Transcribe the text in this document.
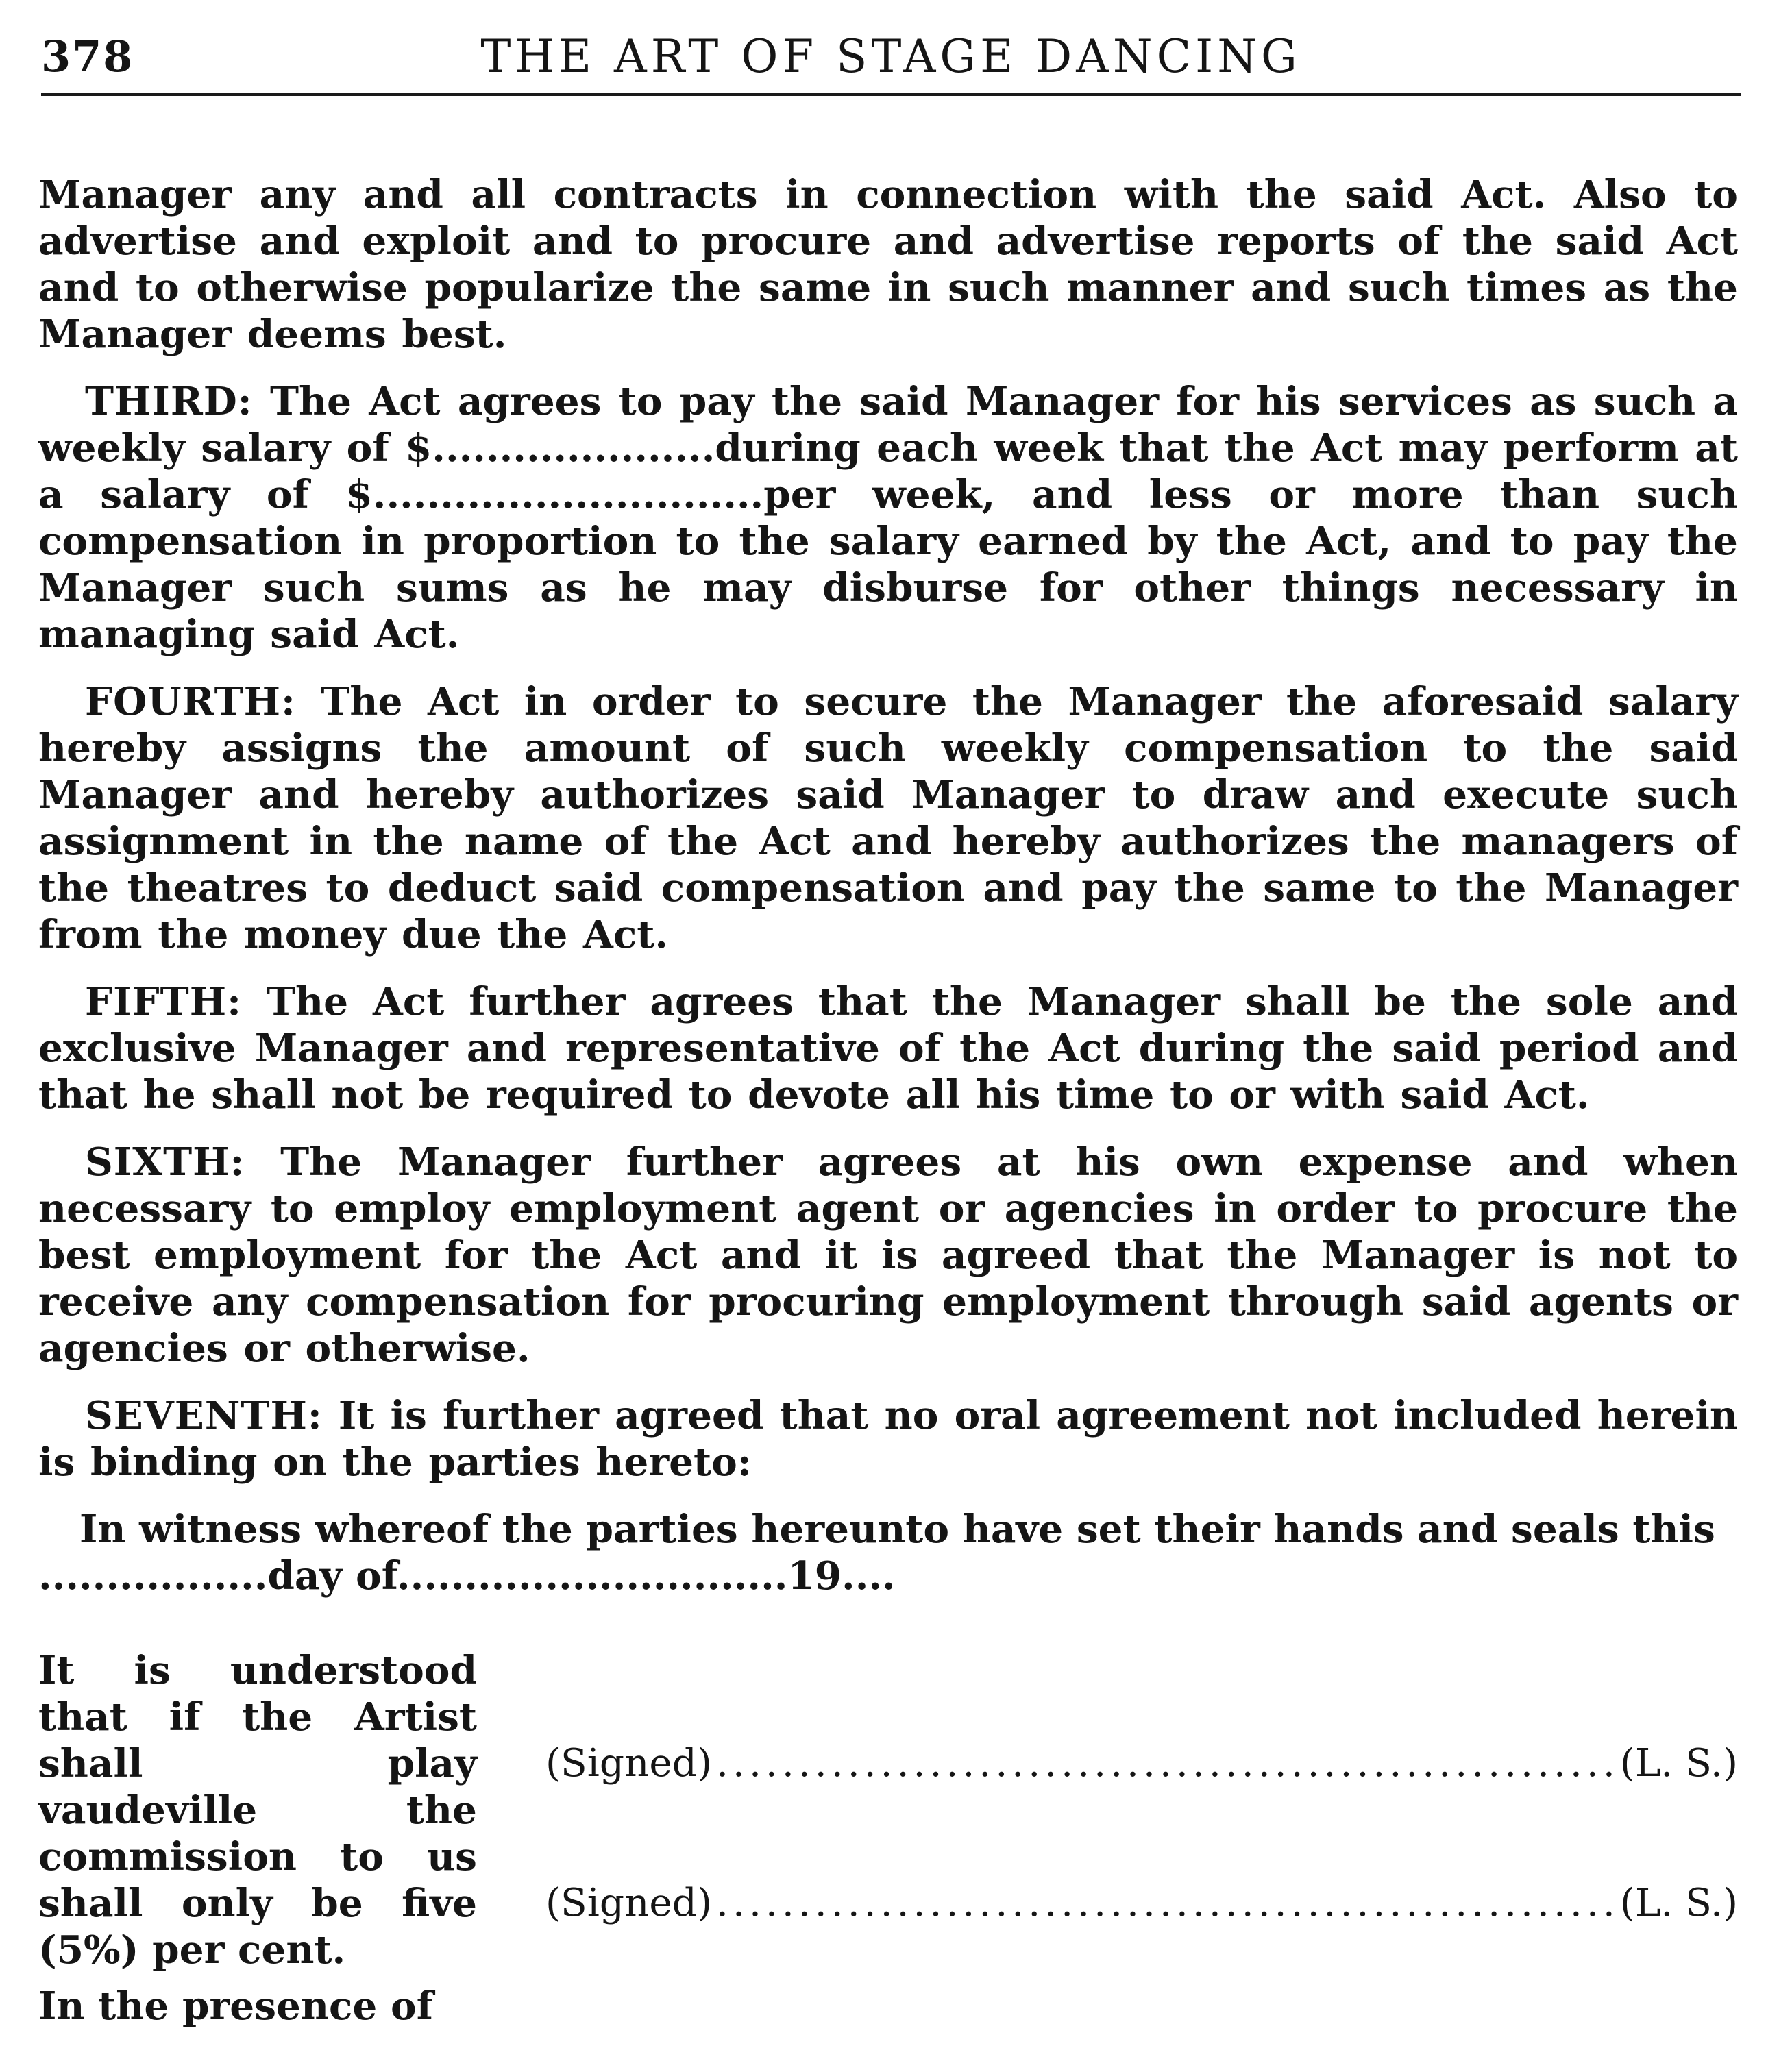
378	THE ART OF STAGE DANCING

Manager any and all contracts in connection with the said Act. Also to advertise and exploit and to procure and advertise reports of the said Act and to otherwise popularize the same in such manner and such times as the Manager deems best.

THIRD: The Act agrees to pay the said Manager for his services as such a weekly salary of $.....................during each week that the Act may perform at a salary of $.............................per week, and less or more than such compensation in proportion to the salary earned by the Act, and to pay the Manager such sums as he may disburse for other things necessary in managing said Act.

FOURTH: The Act in order to secure the Manager the aforesaid salary hereby assigns the amount of such weekly compensation to the said Manager and hereby authorizes said Manager to draw and execute such assignment in the name of the Act and hereby authorizes the managers of the theatres to deduct said compensation and pay the same to the Manager from the money due the Act.

FIFTH: The Act further agrees that the Manager shall be the sole and exclusive Manager and representative of the Act during the said period and that he shall not be required to devote all his time to or with said Act.

SIXTH: The Manager further agrees at his own expense and when necessary to employ employment agent or agencies in order to procure the best employment for the Act and it is agreed that the Manager is not to receive any compensation for procuring employment through said agents or agencies or otherwise.

SEVENTH: It is further agreed that no oral agreement not included herein is binding on the parties hereto:

In witness whereof the parties hereunto have set their hands and seals this

.................day of.............................19....

It is understood that if the Artist shall play vaudeville the commission to us shall only be five (5%) per cent.

(Signed) .....	(L. S.)
(Signed) .....	(L. S.)

In the presence of
